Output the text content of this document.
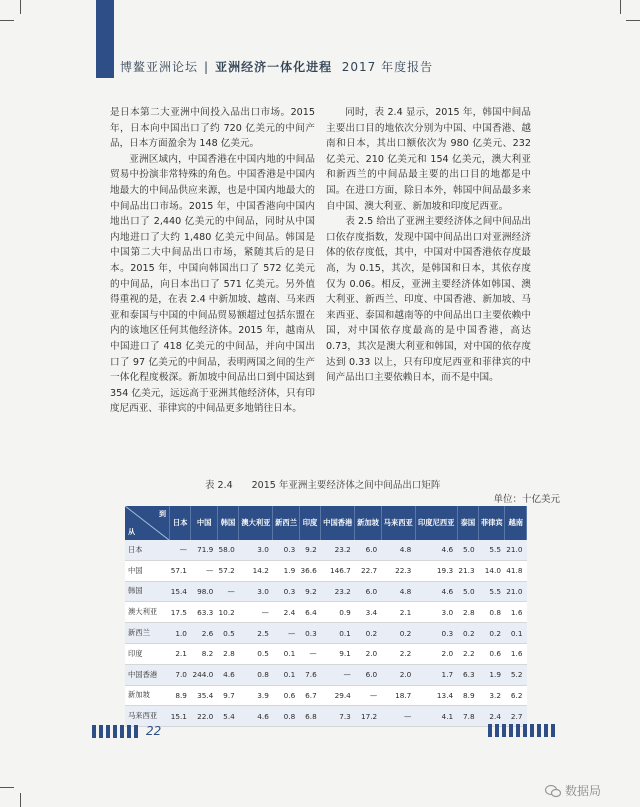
博鳌亚洲论坛 | 亚洲经济一体化进程 2017 年度报告

是日本第二大亚洲中间投入品出口市场。2015 年，日本向中国出口了约 720 亿美元的中间产品，日本方面盈余为 148 亿美元。

亚洲区域内，中国香港在中国内地的中间品贸易中扮演非常特殊的角色。中国香港是中国内地最大的中间品供应来源，也是中国内地最大的中间品出口市场。2015 年，中国香港向中国内地出口了 2,440 亿美元的中间品，同时从中国内地进口了大约 1,480 亿美元中间品。韩国是中国第二大中间品出口市场，紧随其后的是日本。2015 年，中国向韩国出口了 572 亿美元的中间品，向日本出口了 571 亿美元。另外值得重视的是，在表 2.4 中新加坡、越南、马来西亚和泰国与中国的中间品贸易额超过包括东盟在内的该地区任何其他经济体。2015 年，越南从中国进口了 418 亿美元的中间品，并向中国出口了 97 亿美元的中间品，表明两国之间的生产一体化程度极深。新加坡中间品出口到中国达到 354 亿美元，远远高于亚洲其他经济体，只有印度尼西亚、菲律宾的中间品更多地销往日本。

同时，表 2.4 显示，2015 年，韩国中间品主要出口目的地依次分别为中国、中国香港、越南和日本，其出口额依次为 980 亿美元、232 亿美元、210 亿美元和 154 亿美元，澳大利亚和新西兰的中间品最主要的出口目的地都是中国。在进口方面，除日本外，韩国中间品最多来自中国、澳大利亚、新加坡和印度尼西亚。

表 2.5 给出了亚洲主要经济体之间中间品出口依存度指数，发现中国中间品出口对亚洲经济体的依存度低，其中，中国对中国香港依存度最高，为 0.15，其次，是韩国和日本，其依存度仅为 0.06。相反，亚洲主要经济体如韩国、澳大利亚、新西兰、印度、中国香港、新加坡、马来西亚、泰国和越南等的中间品出口主要依赖中国，对中国依存度最高的是中国香港，高达 0.73，其次是澳大利亚和韩国，对中国的依存度达到 0.33 以上，只有印度尼西亚和菲律宾的中间产品出口主要依赖日本，而不是中国。

表 2.4　　2015 年亚洲主要经济体之间中间品出口矩阵
单位：十亿美元
到
从	日本	中国	韩国	澳大利亚	新西兰	印度	中国香港	新加坡	马来西亚	印度尼西亚	泰国	菲律宾	越南
日本	—	71.9	58.0	3.0	0.3	9.2	23.2	6.0	4.8	4.6	5.0	5.5	21.0
中国	57.1	—	57.2	14.2	1.9	36.6	146.7	22.7	22.3	19.3	21.3	14.0	41.8
韩国	15.4	98.0	—	3.0	0.3	9.2	23.2	6.0	4.8	4.6	5.0	5.5	21.0
澳大利亚	17.5	63.3	10.2	—	2.4	6.4	0.9	3.4	2.1	3.0	2.8	0.8	1.6
新西兰	1.0	2.6	0.5	2.5	—	0.3	0.1	0.2	0.2	0.3	0.2	0.2	0.1
印度	2.1	8.2	2.8	0.5	0.1	—	9.1	2.0	2.2	2.0	2.2	0.6	1.6
中国香港	7.0	244.0	4.6	0.8	0.1	7.6	—	6.0	2.0	1.7	6.3	1.9	5.2
新加坡	8.9	35.4	9.7	3.9	0.6	6.7	29.4	—	18.7	13.4	8.9	3.2	6.2
马来西亚	15.1	22.0	5.4	4.6	0.8	6.8	7.3	17.2	—	4.1	7.8	2.4	2.7
22
数据局
